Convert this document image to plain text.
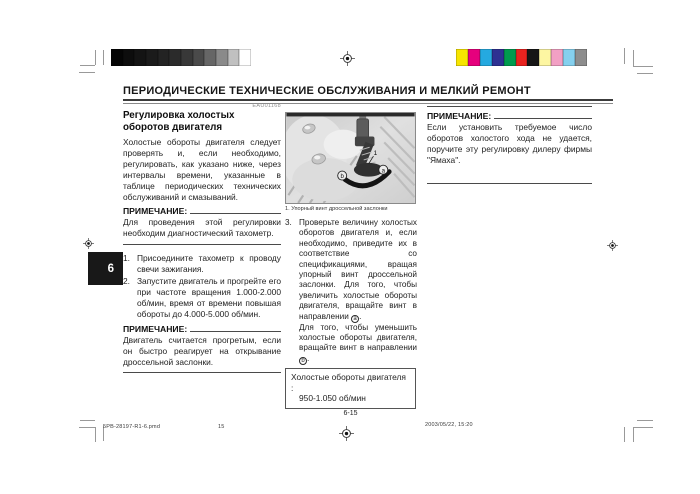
ПЕРИОДИЧЕСКИЕ ТЕХНИЧЕСКИЕ ОБСЛУЖИВАНИЯ И МЕЛКИЙ РЕМОНТ
6
EAU01168
Регулировка холостых оборотов двигателя

Холостые обороты двигателя следует проверять и, если необходимо, регулировать, как указано ниже, через интервалы времени, указанные в таблице периодических технических обслуживаний и смазываний.

ПРИМЕЧАНИЕ:

Для проведения этой регулировки необходим диагностический тахометр.

1. Присоедините тахометр к проводу свечи зажигания.
2. Запустите двигатель и прогрейте его при частоте вращения 1.000-2.000 об/мин, время от времени повышая обороты до 4.000-5.000 об/мин.
ПРИМЕЧАНИЕ:

Двигатель считается прогретым, если он быстро реагирует на открывание дроссельной заслонки.

1
a
b
1. Упорный винт дроссельной заслонки
3. Проверьте величину холостых оборотов двигателя и, если необходимо, приведите их в соответствие со спецификациями, вращая упорный винт дроссельной заслонки. Для того, чтобы увеличить холостые обороты двигателя, вращайте винт в направлении a .

Для того, чтобы уменьшить холостые обороты двигателя, вращайте винт в направлении b .

Холостые обороты двигателя :
950-1.050 об/мин
6-15
ПРИМЕЧАНИЕ:

Если установить требуемое число оборотов холостого хода не удается, поручите эту регулировку дилеру фирмы "Ямаха".

5PB-28197-R1-6.pmd	15	2003/05/22, 15:20
